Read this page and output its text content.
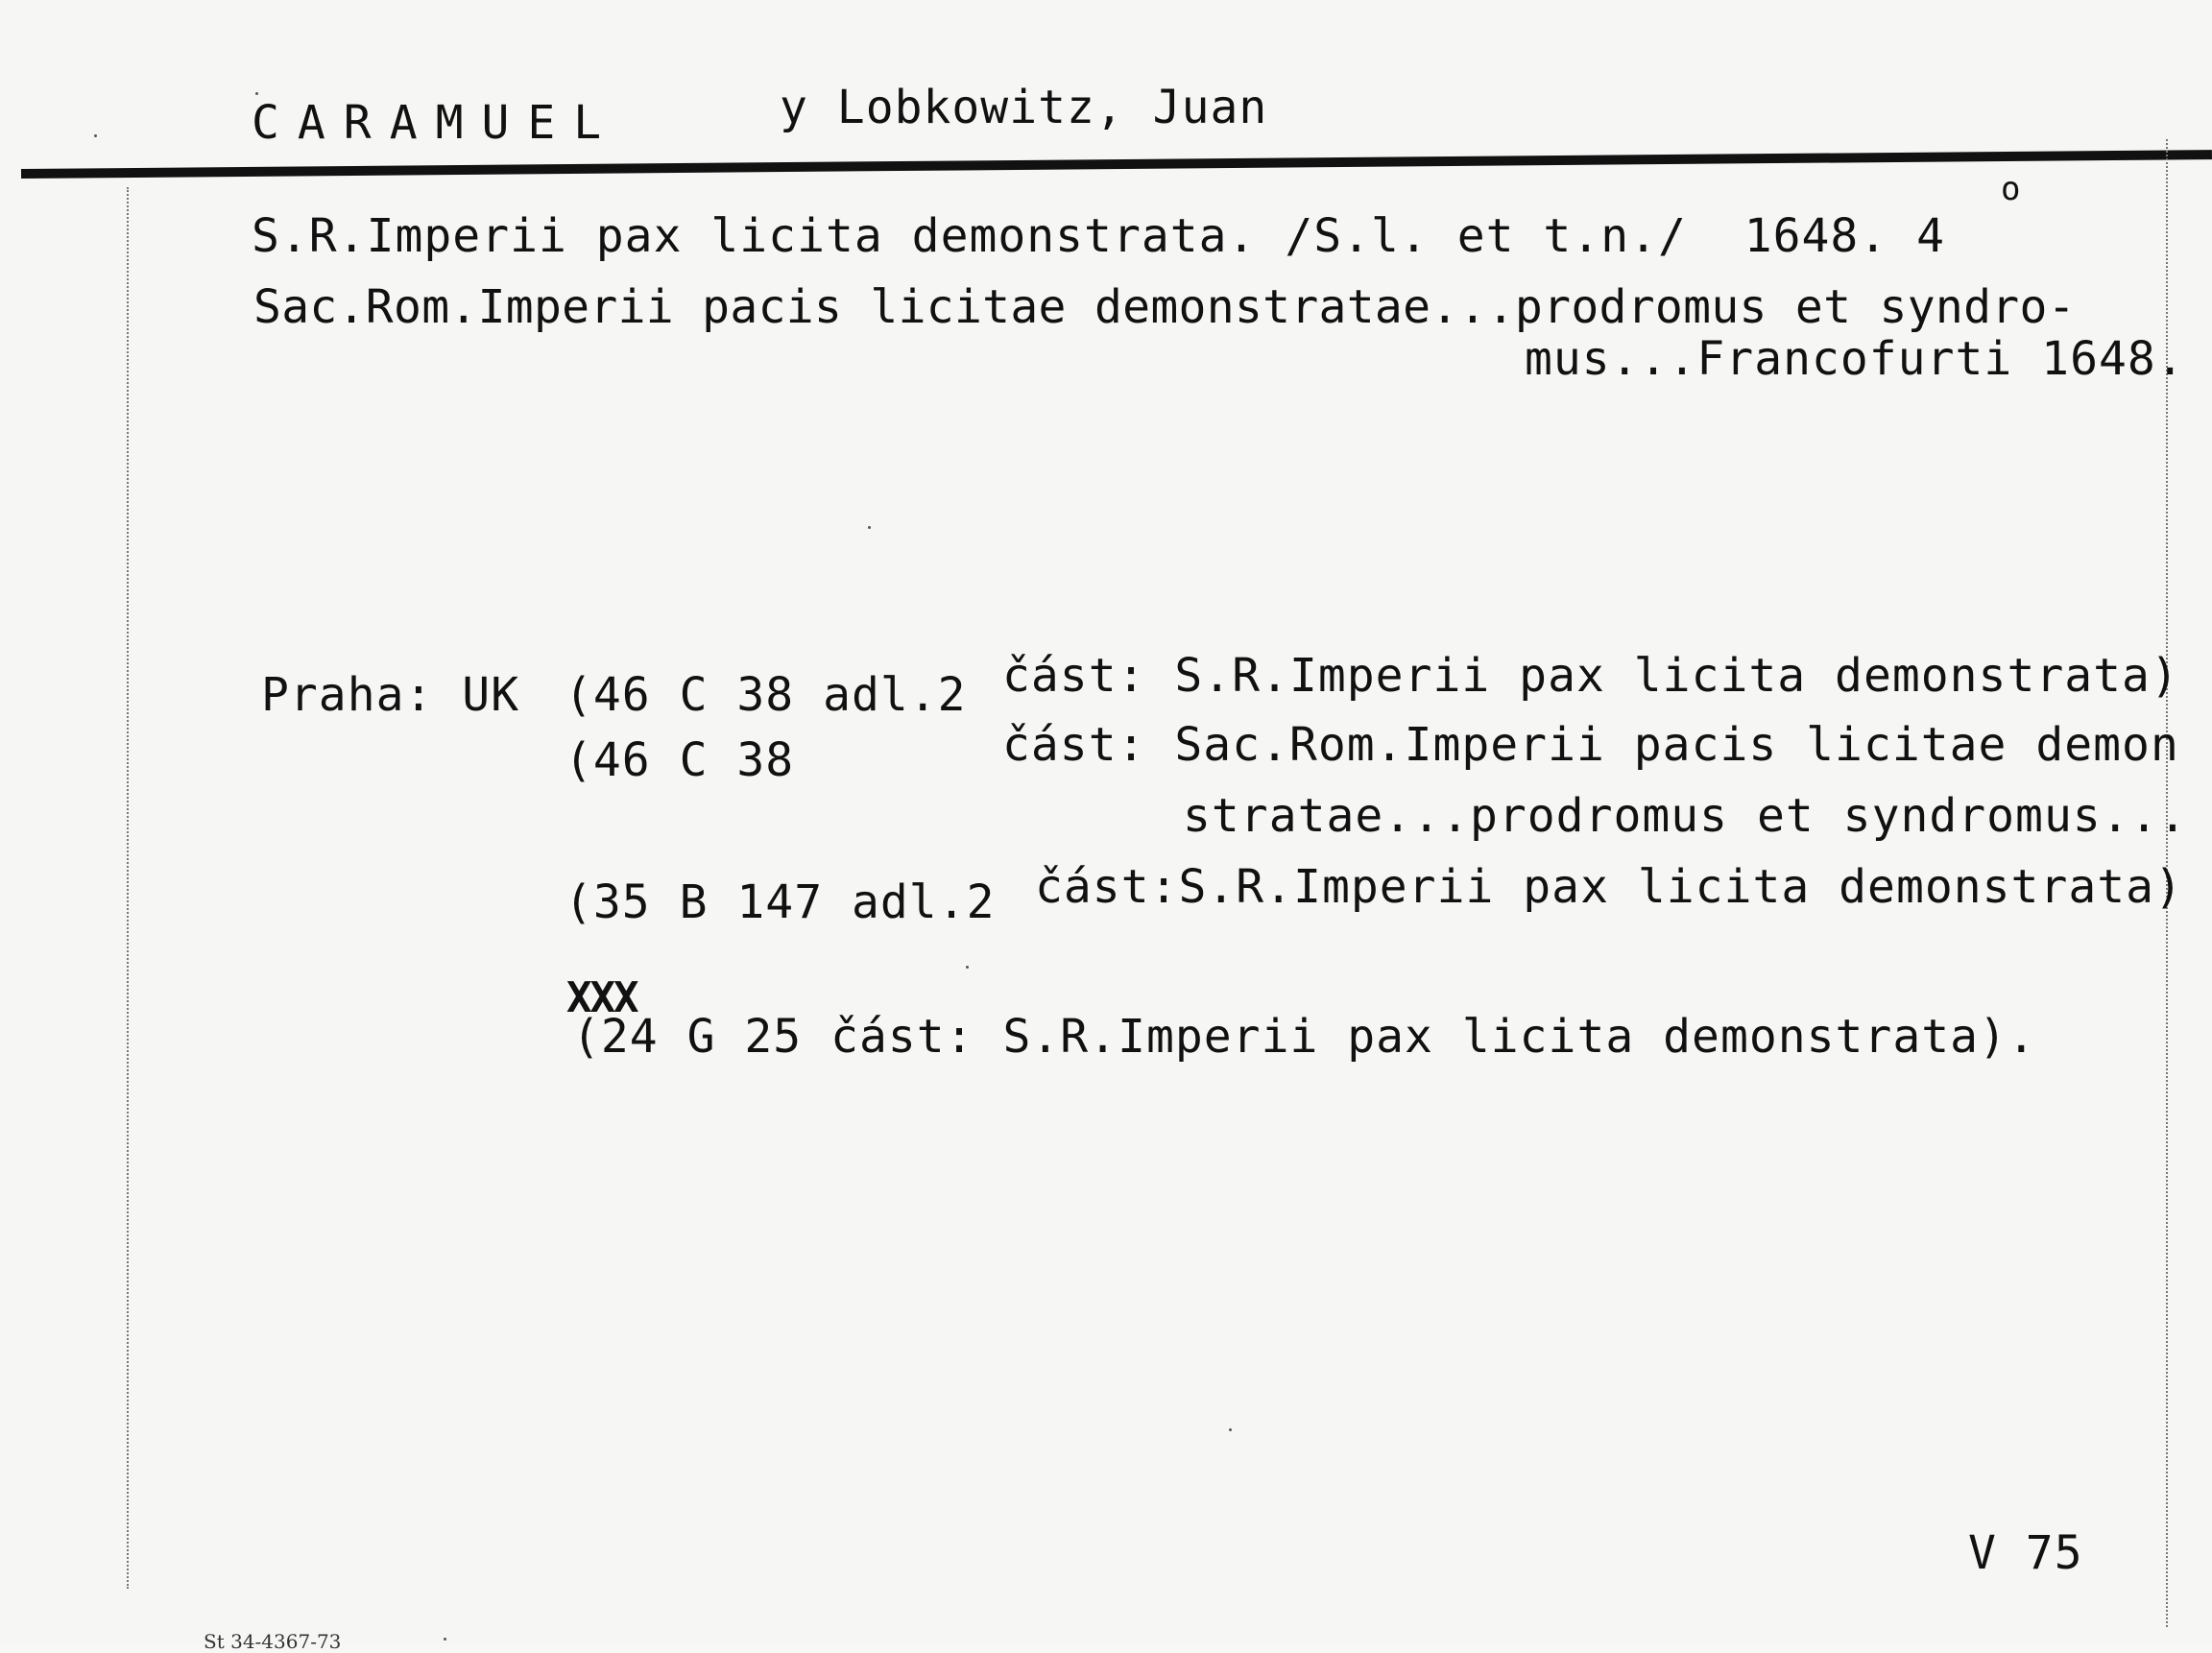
CARAMUEL	y Lobkowitz, Juan
S.R.Imperii pax licita demonstrata. /S.l. et t.n./  1648. 4
o
Sac.Rom.Imperii pacis licitae demonstratae...prodromus et syndro-
mus...Francofurti 1648.
Praha: UK (46 C 38 adl.2 část: S.R.Imperii pax licita demonstrata)
(46 C 38	část: Sac.Rom.Imperii pacis licitae demon
stratae...prodromus et syndromus...
(35 B 147 adl.2 část:S.R.Imperii pax licita demonstrata)
XXX
(24 G 25 část: S.R.Imperii pax licita demonstrata).
V 75
St 34-4367-73
